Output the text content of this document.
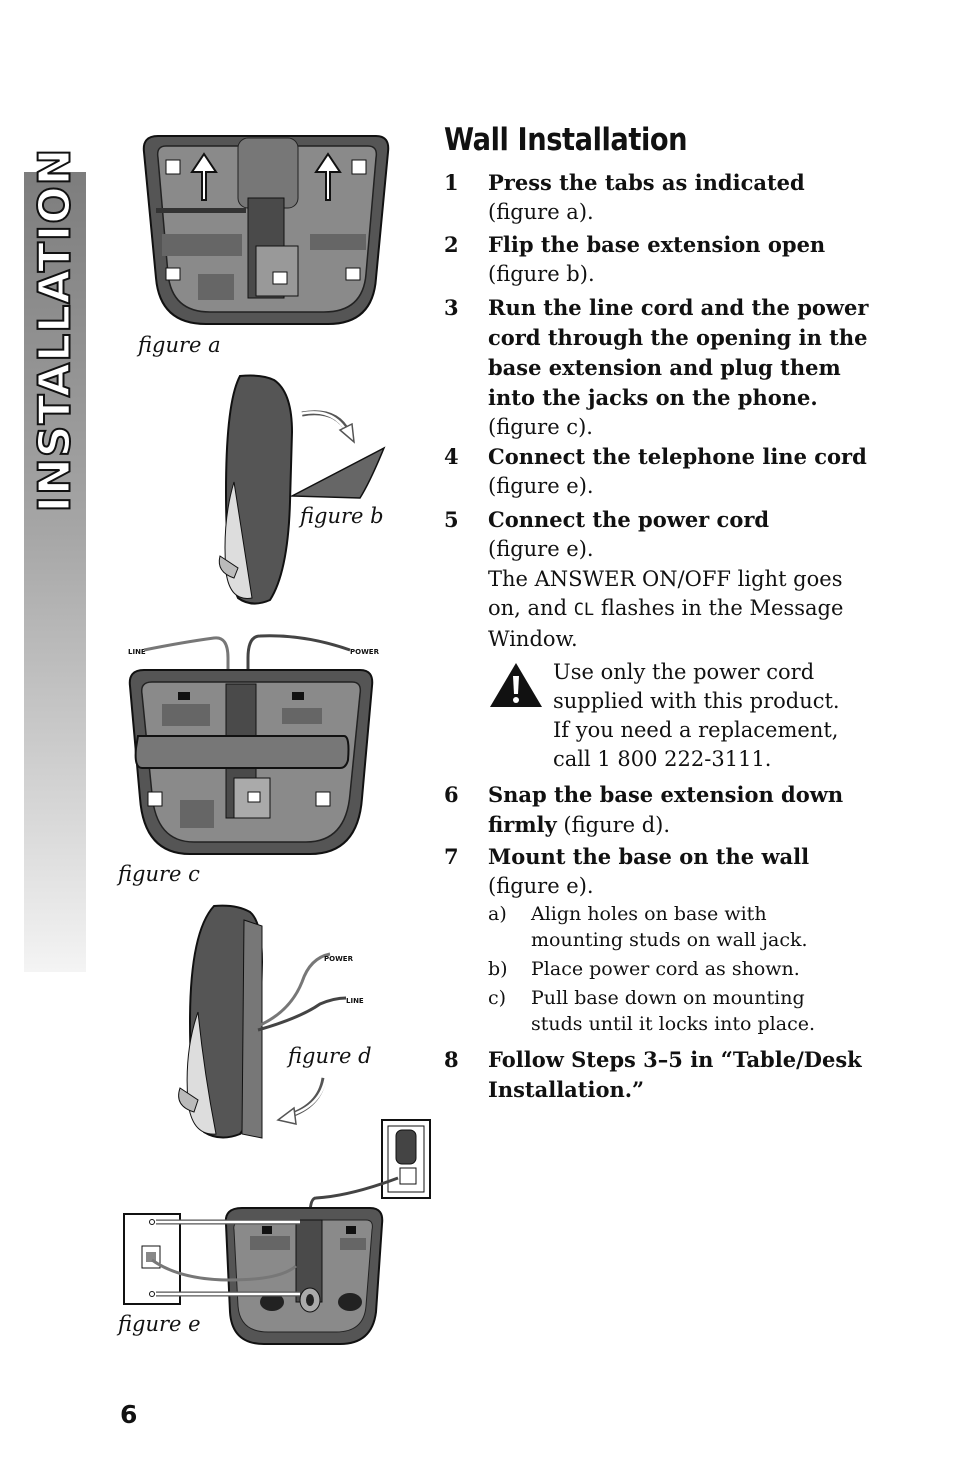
INSTALLATION	figure a
figure b
LINE	POWER
figure c
POWER
LINE
figure d
figure e
Wall Installation
1 Press the tabs as indicated
(figure a).
2 Flip the base extension open
(figure b).
3 Run the line cord and the power cord through the opening in the base extension and plug them into the jacks on the phone.
(figure c).
4 Connect the telephone line cord
(figure e).
5 Connect the power cord
(figure e).
The ANSWER ON/OFF light goes on, and CL flashes in the Message Window.
Use only the power cord supplied with this product. If you need a replacement, call 1 800 222-3111.
6 Snap the base extension down firmly (figure d).
7 Mount the base on the wall
(figure e).
a) Align holes on base with mounting studs on wall jack.
b) Place power cord as shown.
c) Pull base down on mounting studs until it locks into place.
8 Follow Steps 3–5 in “Table/Desk Installation.”
6
